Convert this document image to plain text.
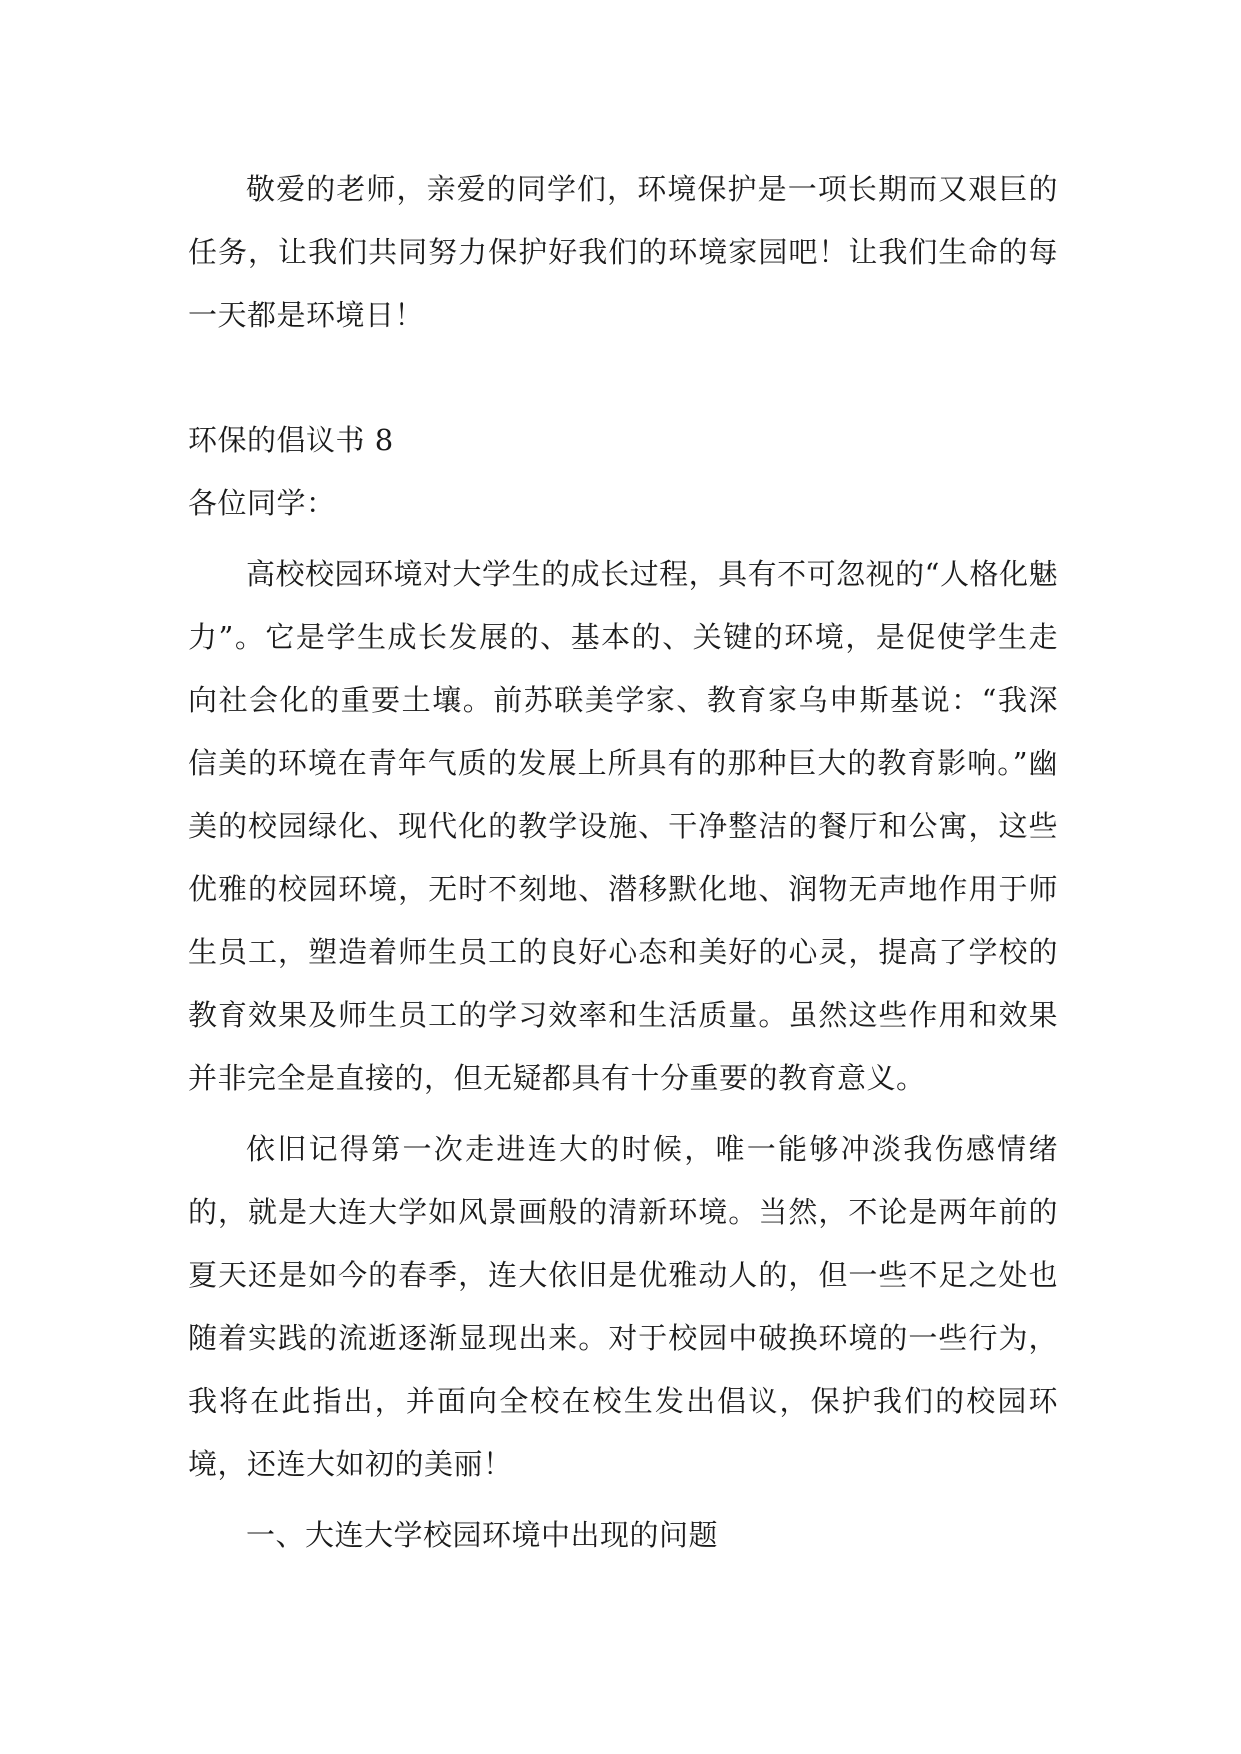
敬爱的老师，亲爱的同学们，环境保护是一项长期而又艰巨的任务，让我们共同努力保护好我们的环境家园吧！让我们生命的每一天都是环境日！

环保的倡议书 8

各位同学：

高校校园环境对大学生的成长过程，具有不可忽视的“人格化魅力”。它是学生成长发展的、基本的、关键的环境，是促使学生走向社会化的重要土壤。前苏联美学家、教育家乌申斯基说：“我深信美的环境在青年气质的发展上所具有的那种巨大的教育影响。”幽美的校园绿化、现代化的教学设施、干净整洁的餐厅和公寓，这些优雅的校园环境，无时不刻地、潜移默化地、润物无声地作用于师生员工，塑造着师生员工的良好心态和美好的心灵，提高了学校的教育效果及师生员工的学习效率和生活质量。虽然这些作用和效果并非完全是直接的，但无疑都具有十分重要的教育意义。

依旧记得第一次走进连大的时候，唯一能够冲淡我伤感情绪的，就是大连大学如风景画般的清新环境。当然，不论是两年前的夏天还是如今的春季，连大依旧是优雅动人的，但一些不足之处也随着实践的流逝逐渐显现出来。对于校园中破换环境的一些行为，我将在此指出，并面向全校在校生发出倡议，保护我们的校园环境，还连大如初的美丽！

一、大连大学校园环境中出现的问题
